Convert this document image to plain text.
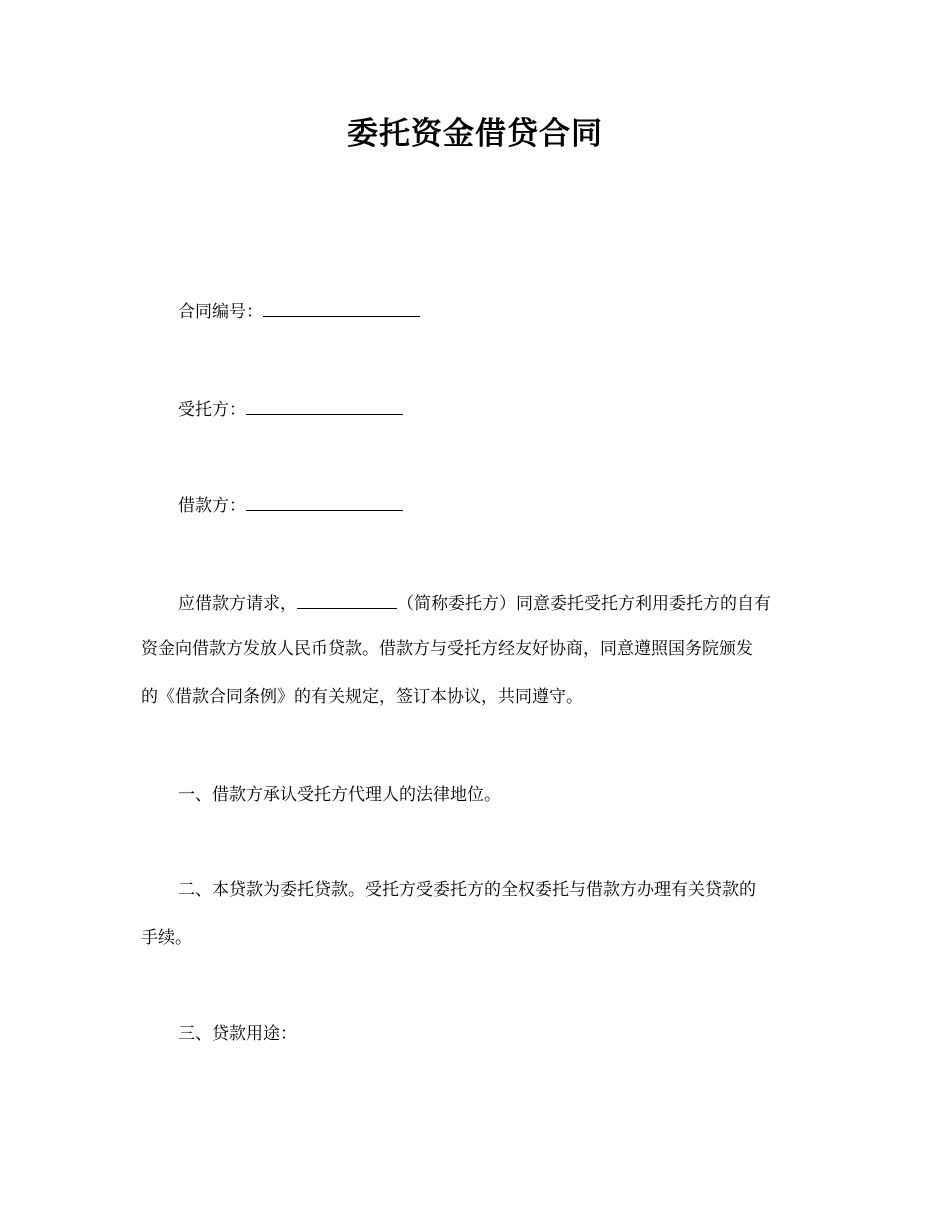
委托资金借贷合同
合同编号：
受托方：
借款方：
应借款方请求，	（简称委托方）同意委托受托方利用委托方的自有
资金向借款方发放人民币贷款。借款方与受托方经友好协商，同意遵照国务院颁发
的《借款合同条例》的有关规定，签订本协议，共同遵守。
一、借款方承认受托方代理人的法律地位。
二、本贷款为委托贷款。受托方受委托方的全权委托与借款方办理有关贷款的
手续。
三、贷款用途：
